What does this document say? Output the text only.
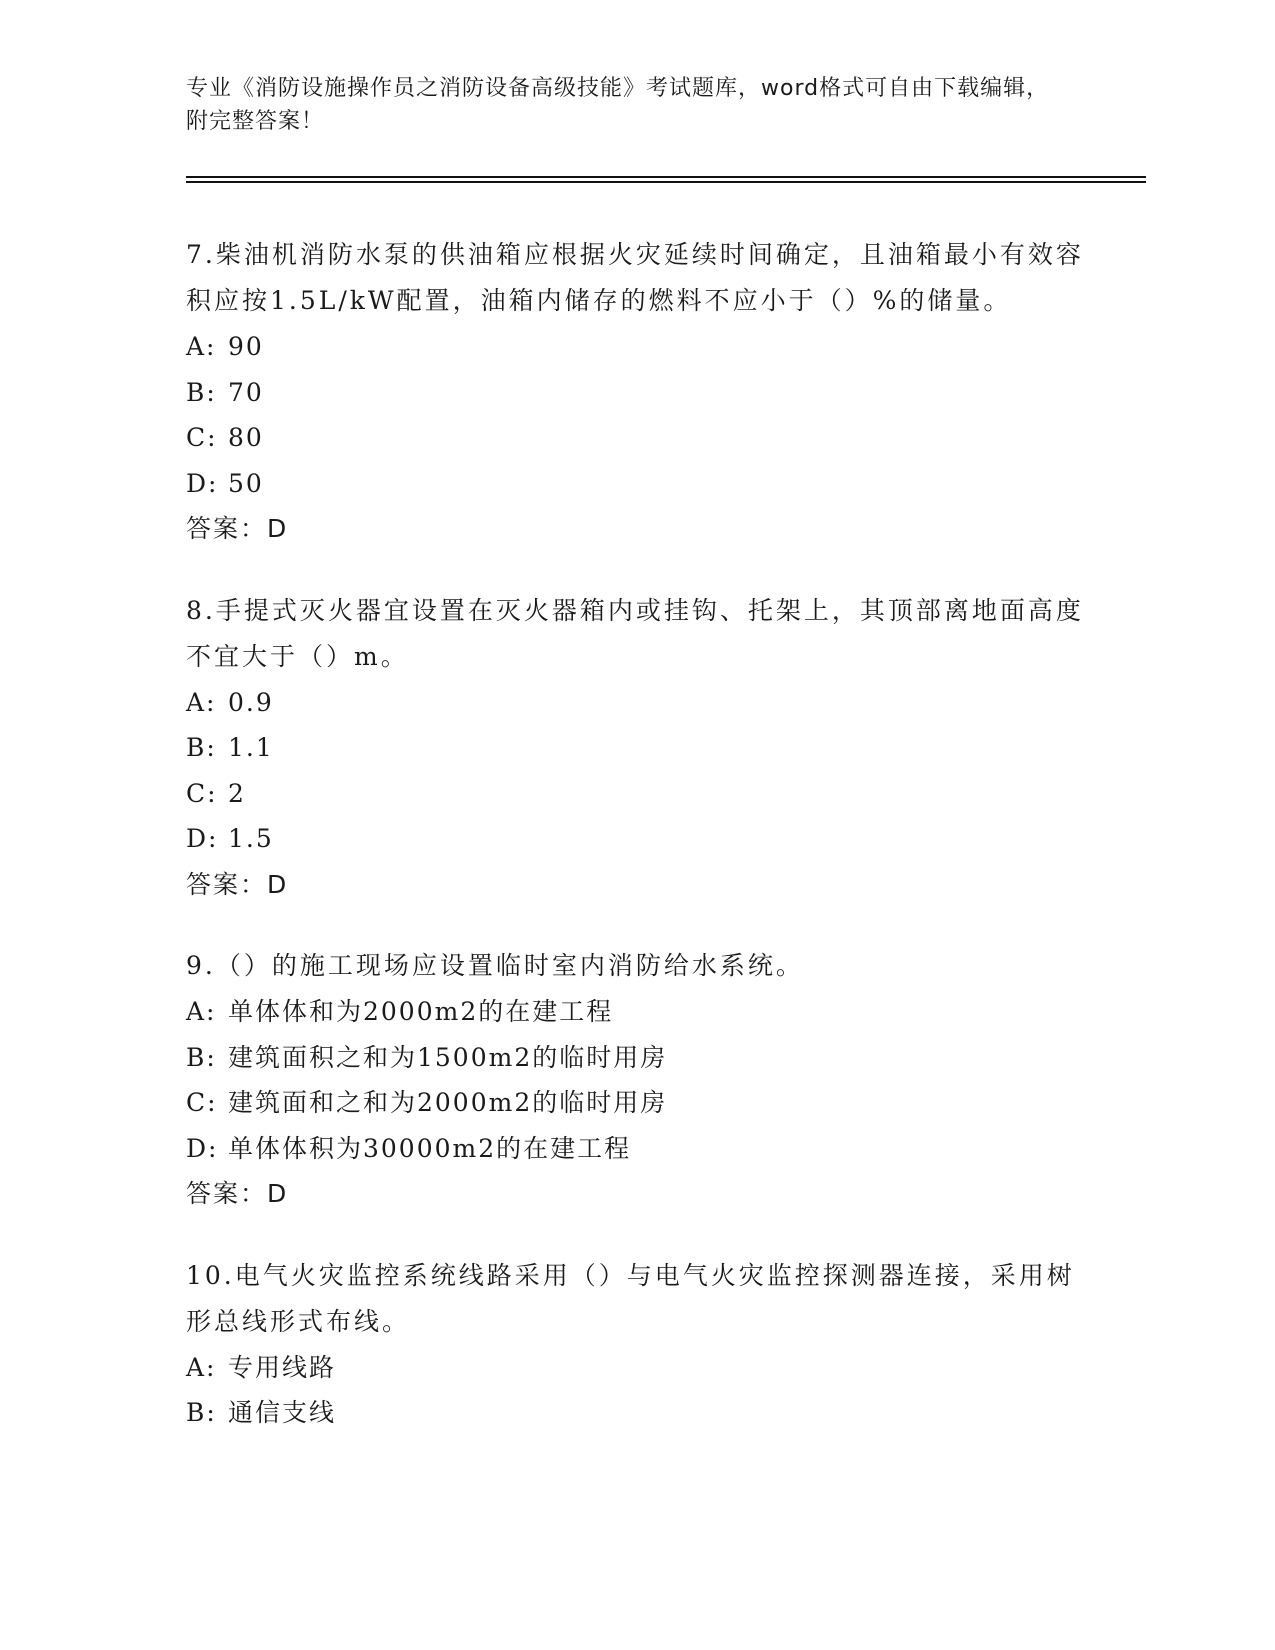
专业《消防设施操作员之消防设备高级技能》考试题库，word格式可自由下载编辑，附完整答案！
7.柴油机消防水泵的供油箱应根据火灾延续时间确定，且油箱最小有效容积应按1.5L/kW配置，油箱内储存的燃料不应小于（）%的储量。
A: 90
B: 70
C: 80
D: 50
答案：D
8.手提式灭火器宜设置在灭火器箱内或挂钩、托架上，其顶部离地面高度不宜大于（）m。
A: 0.9
B: 1.1
C: 2
D: 1.5
答案：D
9.（）的施工现场应设置临时室内消防给水系统。
A: 单体体和为2000m2的在建工程
B: 建筑面积之和为1500m2的临时用房
C: 建筑面和之和为2000m2的临时用房
D: 单体体积为30000m2的在建工程
答案：D
10.电气火灾监控系统线路采用（）与电气火灾监控探测器连接，采用树形总线形式布线。
A: 专用线路
B: 通信支线
